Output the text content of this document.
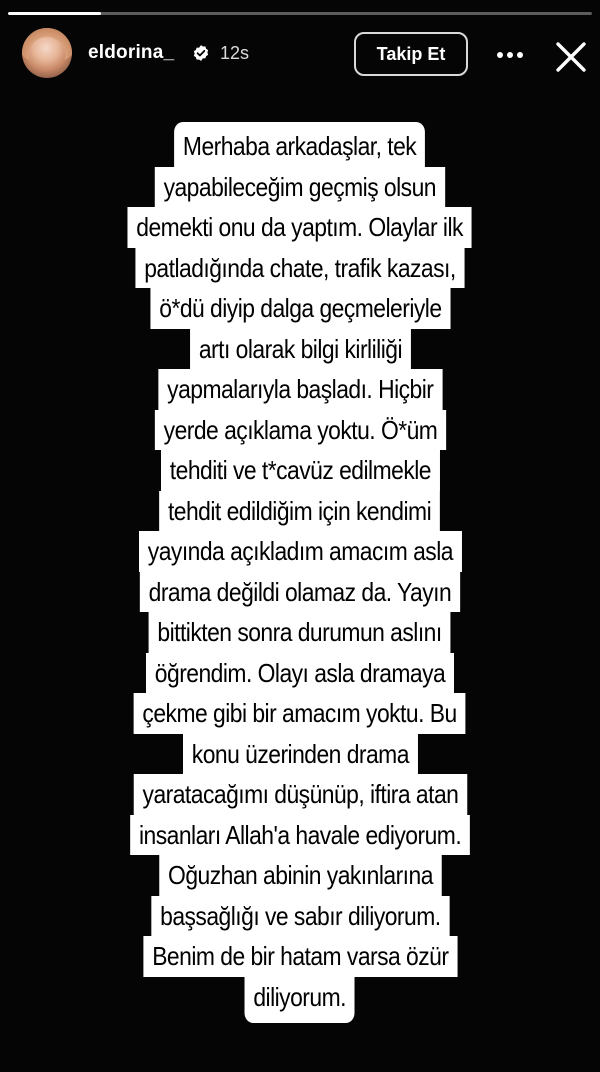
eldorina_	12s	Takip Et
Merhaba arkadaşlar, tek
yapabileceğim geçmiş olsun
demekti onu da yaptım. Olaylar ilk
patladığında chate, trafik kazası,
ö*dü diyip dalga geçmeleriyle
artı olarak bilgi kirliliği
yapmalarıyla başladı. Hiçbir
yerde açıklama yoktu. Ö*üm
tehditi ve t*cavüz edilmekle
tehdit edildiğim için kendimi
yayında açıkladım amacım asla
drama değildi olamaz da. Yayın
bittikten sonra durumun aslını
öğrendim. Olayı asla dramaya
çekme gibi bir amacım yoktu. Bu
konu üzerinden drama
yaratacağımı düşünüp, iftira atan
insanları Allah'a havale ediyorum.
Oğuzhan abinin yakınlarına
başsağlığı ve sabır diliyorum.
Benim de bir hatam varsa özür
diliyorum.
